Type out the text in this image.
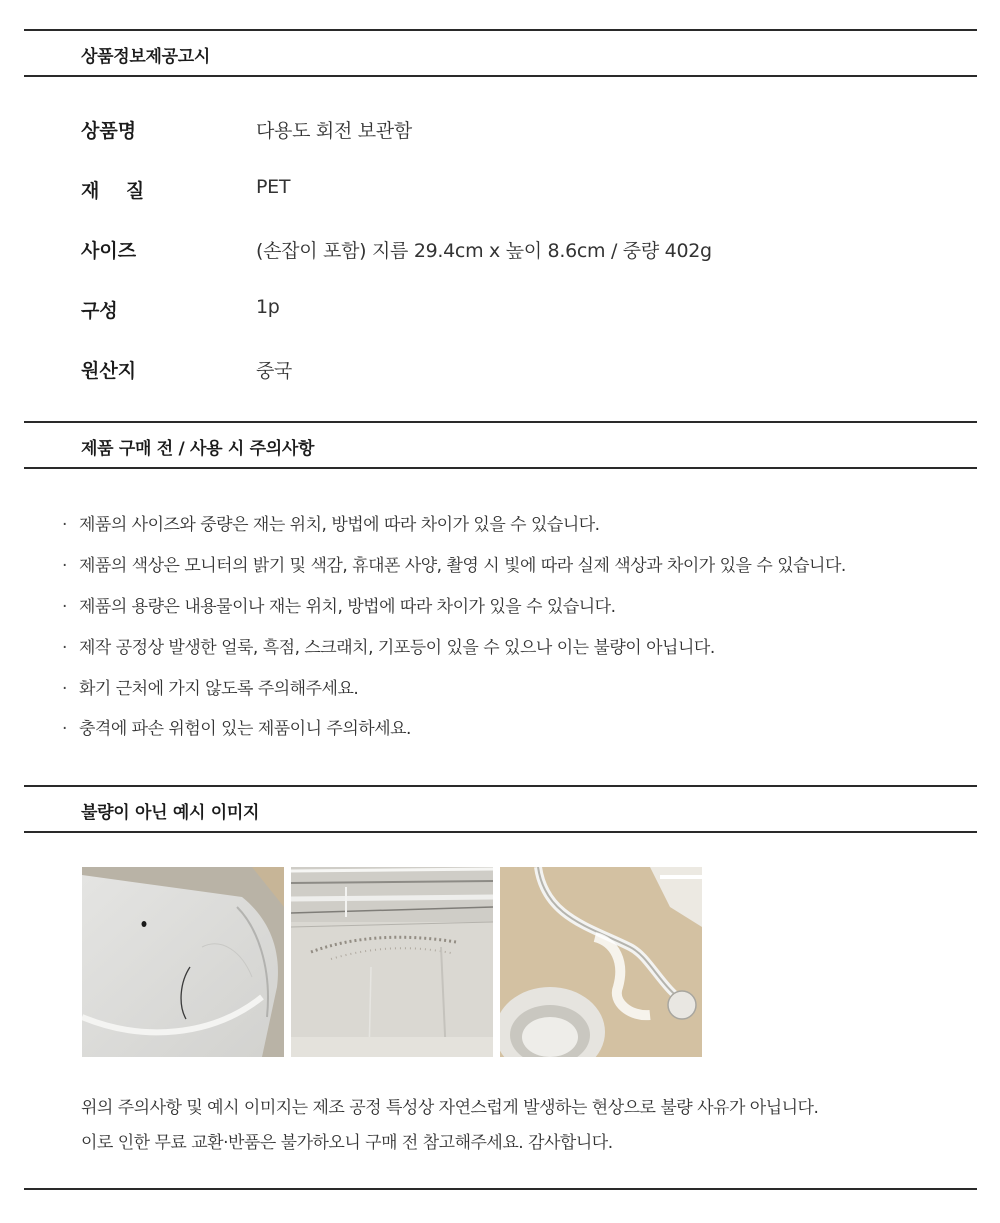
상품정보제공고시
상품명	다용도 회전 보관함
재    질	PET
사이즈	(손잡이 포함) 지름 29.4cm x 높이 8.6cm / 중량 402g
구성	1p
원산지	중국
제품 구매 전 / 사용 시 주의사항
· 제품의 사이즈와 중량은 재는 위치, 방법에 따라 차이가 있을 수 있습니다.
· 제품의 색상은 모니터의 밝기 및 색감, 휴대폰 사양, 촬영 시 빛에 따라 실제 색상과 차이가 있을 수 있습니다.
· 제품의 용량은 내용물이나 재는 위치, 방법에 따라 차이가 있을 수 있습니다.
· 제작 공정상 발생한 얼룩, 흑점, 스크래치, 기포등이 있을 수 있으나 이는 불량이 아닙니다.
· 화기 근처에 가지 않도록 주의해주세요.
· 충격에 파손 위험이 있는 제품이니 주의하세요.
불량이 아닌 예시 이미지
위의 주의사항 및 예시 이미지는 제조 공정 특성상 자연스럽게 발생하는 현상으로 불량 사유가 아닙니다.
이로 인한 무료 교환·반품은 불가하오니 구매 전 참고해주세요. 감사합니다.
